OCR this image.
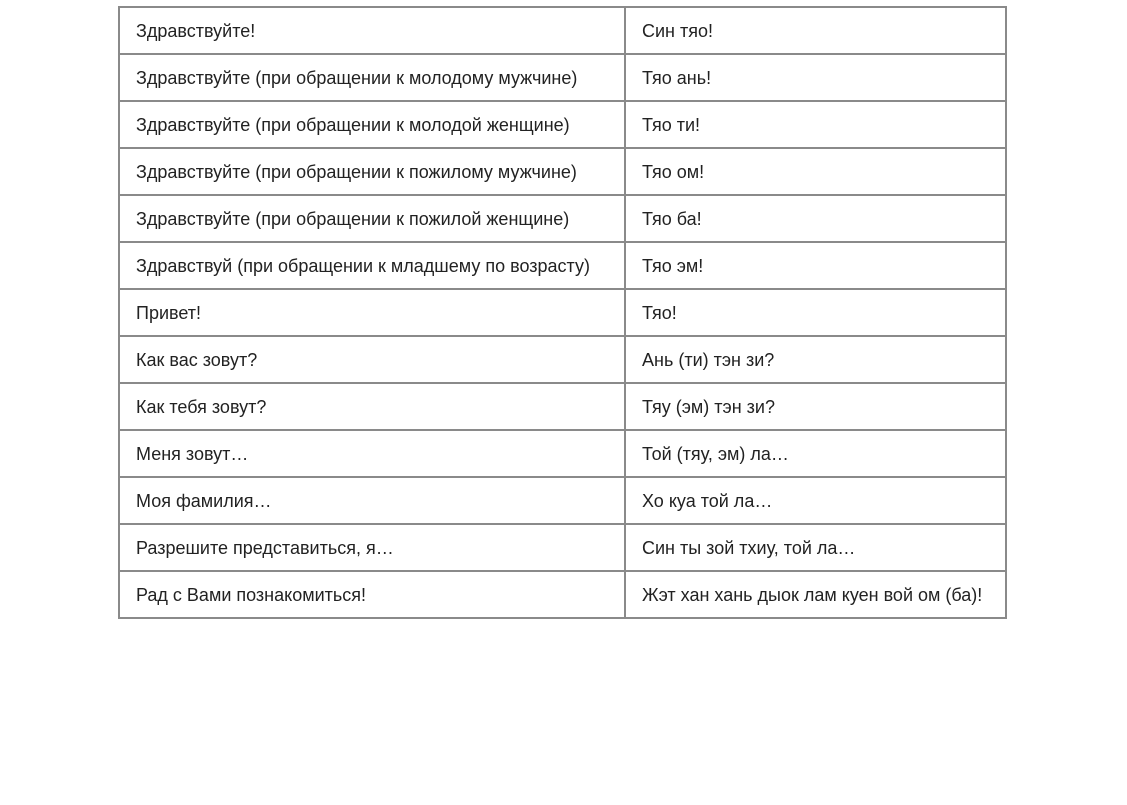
Здравствуйте!	Син тяо!
Здравствуйте (при обращении к молодому мужчине)	Тяо ань!
Здравствуйте (при обращении к молодой женщине)	Тяо ти!
Здравствуйте (при обращении к пожилому мужчине)	Тяо ом!
Здравствуйте (при обращении к пожилой женщине)	Тяо ба!
Здравствуй (при обращении к младшему по возрасту)	Тяо эм!
Привет!	Тяо!
Как вас зовут?	Ань (ти) тэн зи?
Как тебя зовут?	Тяу (эм) тэн зи?
Меня зовут…	Той (тяу, эм) ла…
Моя фамилия…	Хо куа той ла…
Разрешите представиться, я…	Син ты зой тхиу, той ла…
Рад с Вами познакомиться!	Жэт хан хань дыок лам куен вой ом (ба)!
